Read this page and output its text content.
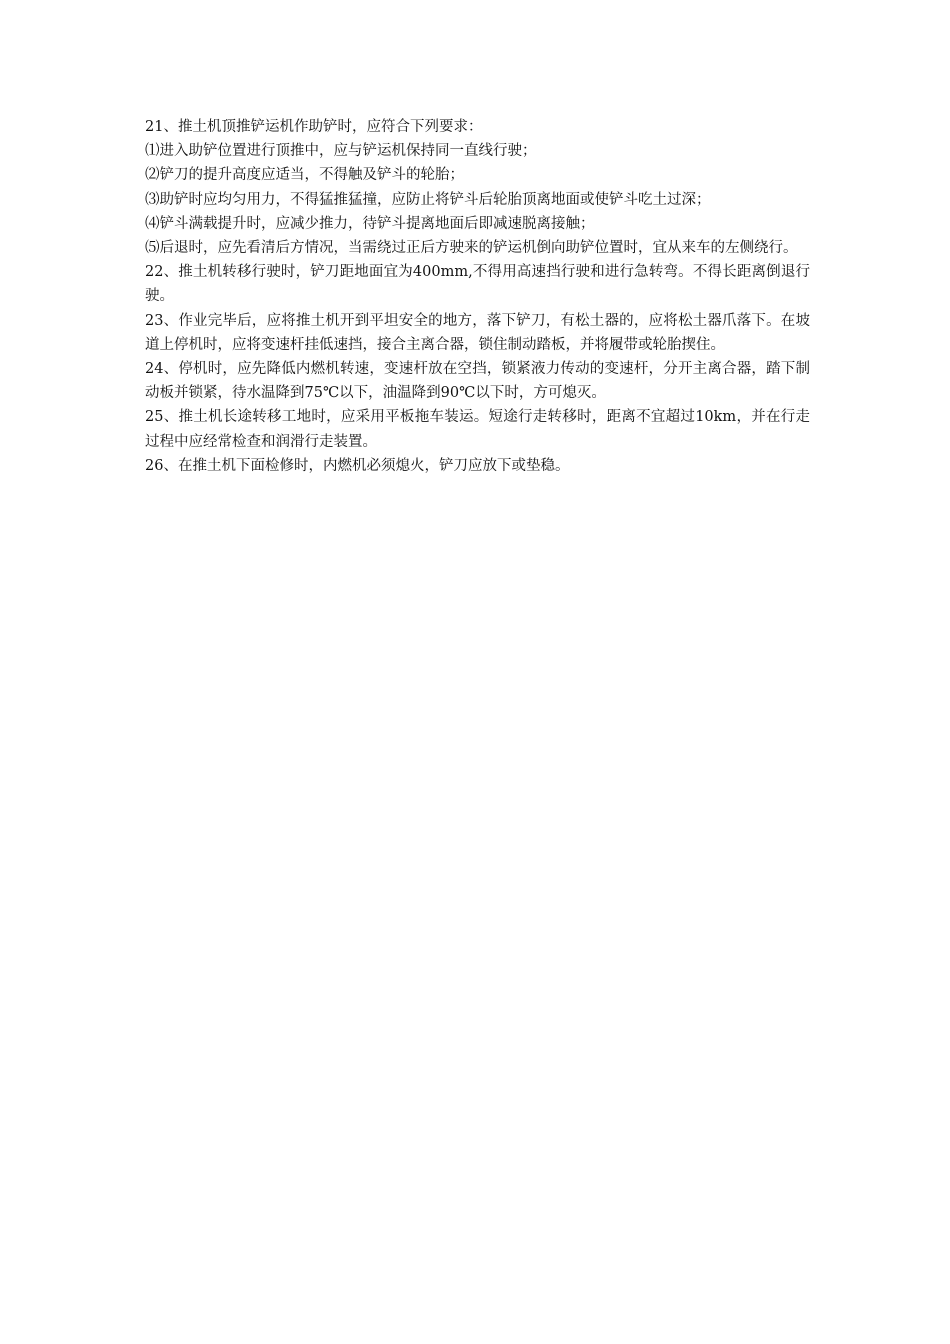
21、推土机顶推铲运机作助铲时，应符合下列要求：

⑴进入助铲位置进行顶推中，应与铲运机保持同一直线行驶；

⑵铲刀的提升高度应适当，不得触及铲斗的轮胎；

⑶助铲时应均匀用力，不得猛推猛撞，应防止将铲斗后轮胎顶离地面或使铲斗吃土过深；

⑷铲斗满载提升时，应减少推力，待铲斗提离地面后即减速脱离接触；

⑸后退时，应先看清后方情况，当需绕过正后方驶来的铲运机倒向助铲位置时，宜从来车的左侧绕行。

22、推土机转移行驶时，铲刀距地面宜为400mm,不得用高速挡行驶和进行急转弯。不得长距离倒退行驶。

23、作业完毕后，应将推土机开到平坦安全的地方，落下铲刀，有松土器的，应将松土器爪落下。在坡道上停机时，应将变速杆挂低速挡，接合主离合器，锁住制动踏板，并将履带或轮胎揳住。

24、停机时，应先降低内燃机转速，变速杆放在空挡，锁紧液力传动的变速杆，分开主离合器，踏下制动板并锁紧，待水温降到75℃以下，油温降到90℃以下时，方可熄灭。

25、推土机长途转移工地时，应采用平板拖车装运。短途行走转移时，距离不宜超过10km，并在行走过程中应经常检查和润滑行走装置。

26、在推土机下面检修时，内燃机必须熄火，铲刀应放下或垫稳。
